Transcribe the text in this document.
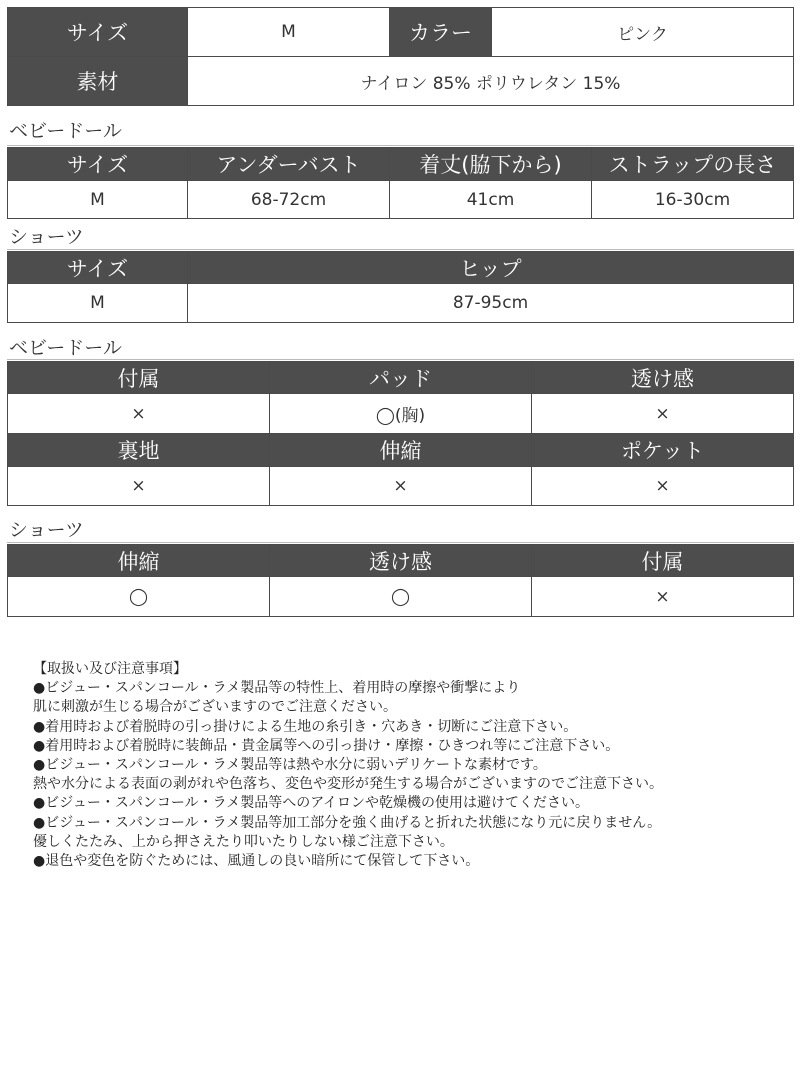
サイズ	M	カラー	ピンク
素材	ナイロン 85% ポリウレタン 15%		
ベビードール
サイズ	アンダーバスト	着丈(脇下から)	ストラップの長さ
M	68-72cm	41cm	16-30cm
ショーツ
サイズ	ヒップ
M	87-95cm
ベビードール
付属	パッド	透け感
×	◯(胸)	×
裏地	伸縮	ポケット
×	×	×
ショーツ
伸縮	透け感	付属
◯	◯	×
【取扱い及び注意事項】
●ビジュー・スパンコール・ラメ製品等の特性上、着用時の摩擦や衝撃により
肌に刺激が生じる場合がございますのでご注意ください。
●着用時および着脱時の引っ掛けによる生地の糸引き・穴あき・切断にご注意下さい。
●着用時および着脱時に装飾品・貴金属等への引っ掛け・摩擦・ひきつれ等にご注意下さい。
●ビジュー・スパンコール・ラメ製品等は熱や水分に弱いデリケートな素材です。
熱や水分による表面の剥がれや色落ち、変色や変形が発生する場合がございますのでご注意下さい。
●ビジュー・スパンコール・ラメ製品等へのアイロンや乾燥機の使用は避けてください。
●ビジュー・スパンコール・ラメ製品等加工部分を強く曲げると折れた状態になり元に戻りません。
優しくたたみ、上から押さえたり叩いたりしない様ご注意下さい。
●退色や変色を防ぐためには、風通しの良い暗所にて保管して下さい。
